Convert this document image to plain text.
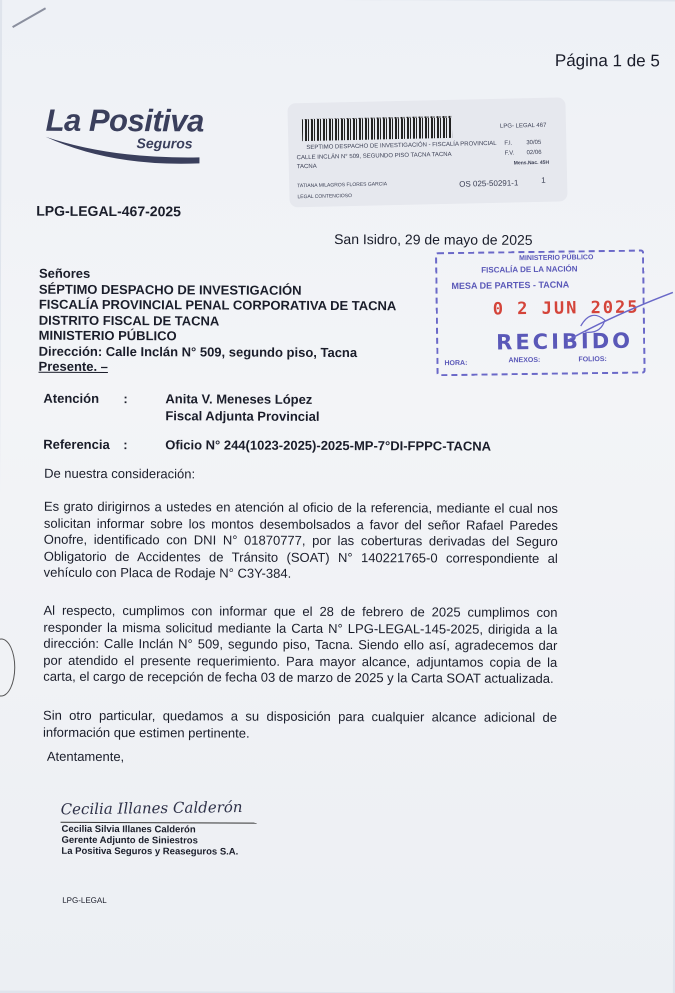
Página 1 de 5
La Positiva
Seguros
LPG-LEGAL-467-2025
SEPTIMO DESPACHO DE INVESTIGACIÓN - FISCALÍA PROVINCIAL
CALLE INCLÁN N° 509, SEGUNDO PISO TACNA TACNA
TACNA
TATIANA MILAGROS FLORES GARCIA
LEGAL CONTENCIOSO
LPG- LEGAL 467
F.I. 30/05
F.V. 02/06
Mens.Nac. 45H
OS 025-50291-1	1
San Isidro, 29 de mayo de 2025
Señores
SÉPTIMO DESPACHO DE INVESTIGACIÓN
FISCALÍA PROVINCIAL PENAL CORPORATIVA DE TACNA
DISTRITO FISCAL DE TACNA
MINISTERIO PÚBLICO
Dirección: Calle Inclán N° 509, segundo piso, Tacna
Presente. –
MINISTERIO PÚBLICO
FISCALÍA DE LA NACIÓN
MESA DE PARTES - TACNA
0 2 JUN 2025
RECIBIDO
HORA:	ANEXOS:	FOLIOS:
Atención :	Anita V. Meneses López
Fiscal Adjunta Provincial
Referencia :	Oficio N° 244(1023-2025)-2025-MP-7°DI-FPPC-TACNA
De nuestra consideración:
Es grato dirigirnos a ustedes en atención al oficio de la referencia, mediante el cual nos solicitan informar sobre los montos desembolsados a favor del señor Rafael Paredes Onofre, identificado con DNI N° 01870777, por las coberturas derivadas del Seguro Obligatorio de Accidentes de Tránsito (SOAT) N° 140221765-0 correspondiente al vehículo con Placa de Rodaje N° C3Y-384.
Al respecto, cumplimos con informar que el 28 de febrero de 2025 cumplimos con responder la misma solicitud mediante la Carta N° LPG-LEGAL-145-2025, dirigida a la dirección: Calle Inclán N° 509, segundo piso, Tacna. Siendo ello así, agradecemos dar por atendido el presente requerimiento. Para mayor alcance, adjuntamos copia de la carta, el cargo de recepción de fecha 03 de marzo de 2025 y la Carta SOAT actualizada.
Sin otro particular, quedamos a su disposición para cualquier alcance adicional de información que estimen pertinente.
Atentamente,
Cecilia Illanes Calderón
Cecilia Silvia Illanes Calderón
Gerente Adjunto de Siniestros
La Positiva Seguros y Reaseguros S.A.
LPG-LEGAL
